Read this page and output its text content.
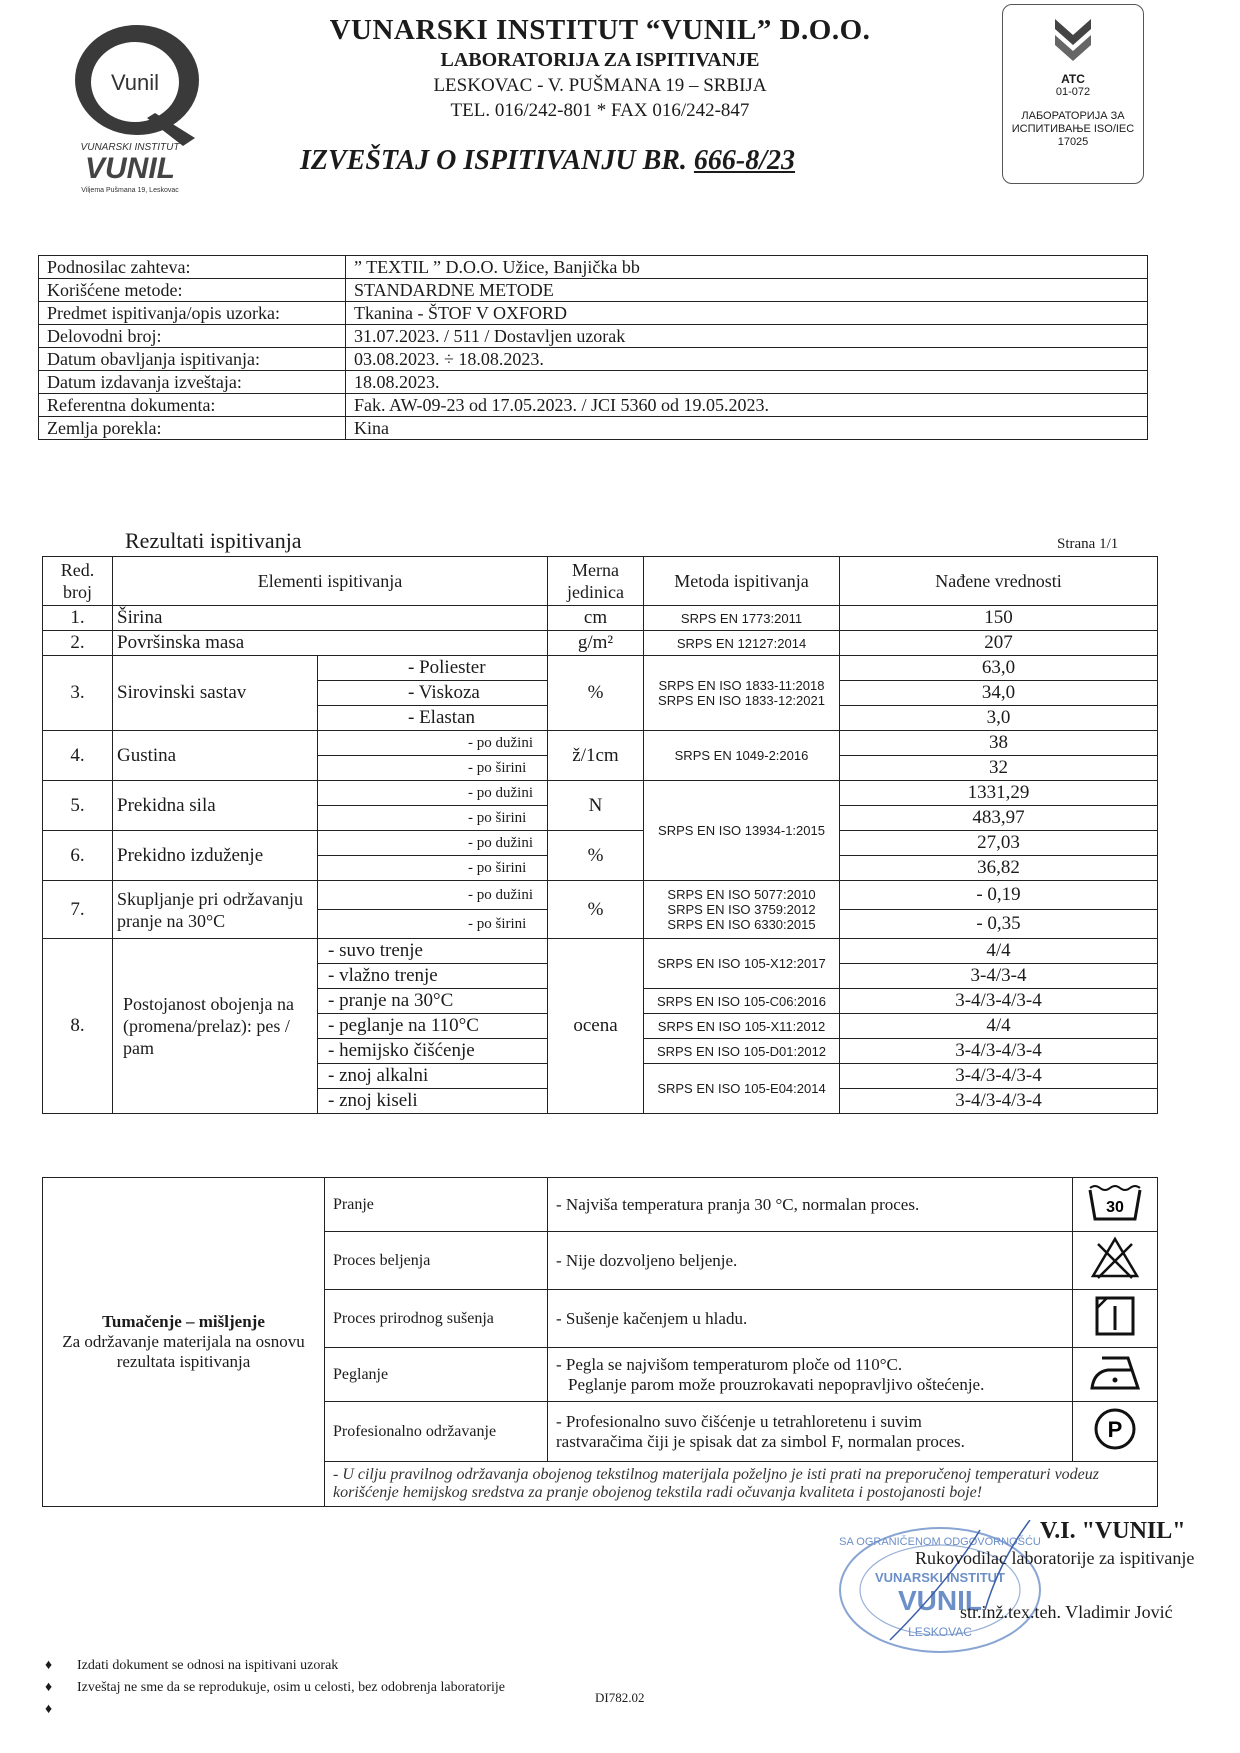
Vunil
VUNARSKI INSTITUT
VUNIL
Viljema Pušmana 19, Leskovac
VUNARSKI INSTITUT “VUNIL” D.O.O.
LABORATORIJA ZA ISPITIVANJE
LESKOVAC - V. PUŠMANA 19 – SRBIJA
TEL. 016/242-801 * FAX 016/242-847
IZVEŠTAJ O ISPITIVANJU BR. 666-8/23
ATC
01-072
ЛАБОРАТОРИЈА ЗА ИСПИТИВАЊЕ ISO/IEC 17025
Podnosilac zahteva:	” TEXTIL ” D.O.O. Užice, Banjička bb
Korišćene metode:	STANDARDNE METODE
Predmet ispitivanja/opis uzorka:	Tkanina - ŠTOF V OXFORD
Delovodni broj:	31.07.2023. / 511 / Dostavljen uzorak
Datum obavljanja ispitivanja:	03.08.2023. ÷ 18.08.2023.
Datum izdavanja izveštaja:	18.08.2023.
Referentna dokumenta:	Fak. AW-09-23 od 17.05.2023. / JCI 5360 od 19.05.2023.
Zemlja porekla:	Kina
Rezultati ispitivanja	Strana 1/1
Red. broj	Elementi ispitivanja		Merna jedinica	Metoda ispitivanja	Nađene vrednosti
1.	Širina		cm	SRPS EN 1773:2011	150
2.	Površinska masa		g/m²	SRPS EN 12127:2014	207
3.	Sirovinski sastav	- Poliester	%	SRPS EN ISO 1833-11:2018 SRPS EN ISO 1833-12:2021	63,0
		- Viskoza			34,0
		- Elastan			3,0
4.	Gustina	- po dužini	ž/1cm	SRPS EN 1049-2:2016	38
		- po širini			32
5.	Prekidna sila	- po dužini	N	SRPS EN ISO 13934-1:2015	1331,29
		- po širini			483,97
6.	Prekidno izduženje	- po dužini	%		27,03
		- po širini			36,82
7.	Skupljanje pri održavanju pranje na 30°C	- po dužini	%	SRPS EN ISO 5077:2010 SRPS EN ISO 3759:2012 SRPS EN ISO 6330:2015	- 0,19
		- po širini			- 0,35
8.	Postojanost obojenja na (promena/prelaz): pes / pam	- suvo trenje	ocena	SRPS EN ISO 105-X12:2017	4/4
		- vlažno trenje			3-4/3-4
		- pranje na 30°C		SRPS EN ISO 105-C06:2016	3-4/3-4/3-4
		- peglanje na 110°C		SRPS EN ISO 105-X11:2012	4/4
		- hemijsko čišćenje		SRPS EN ISO 105-D01:2012	3-4/3-4/3-4
		- znoj alkalni		SRPS EN ISO 105-E04:2014	3-4/3-4/3-4
		- znoj kiseli			3-4/3-4/3-4
Tumačenje – mišljenje
Za održavanje materijala na osnovu rezultata ispitivanja	Pranje	- Najviša temperatura pranja 30 °C, normalan proces.	30

	Proces beljenja	- Nije dozvoljeno beljenje.	
	Proces prirodnog sušenja	- Sušenje kačenjem u hladu.	
	Peglanje	- Pegla se najvišom temperaturom ploče od 110°C.
Peglanje parom može prouzrokavati nepopravljivo oštećenje.	
	Profesionalno održavanje	- Profesionalno suvo čišćenje u tetrahloretenu i suvim
rastvaračima čiji je spisak dat za simbol F, normalan proces.	P

	- U cilju pravilnog održavanja obojenog tekstilnog materijala poželjno je isti prati na preporučenoj temperaturi vodeuz korišćenje hemijskog sredstva za pranje obojenog tekstila radi očuvanja kvaliteta i postojanosti boje!		
SA OGRANIČENOM ODGOVORNOŠĆU
VUNARSKI INSTITUT
VUNIL
LESKOVAC
V.I. "VUNIL"
Rukovodilac laboratorije za ispitivanje
str.inž.tex.teh. Vladimir Jović
♦ Izdati dokument se odnosi na ispitivani uzorak
♦ Izveštaj ne sme da se reprodukuje, osim u celosti, bez odobrenja laboratorije
♦
DI782.02
